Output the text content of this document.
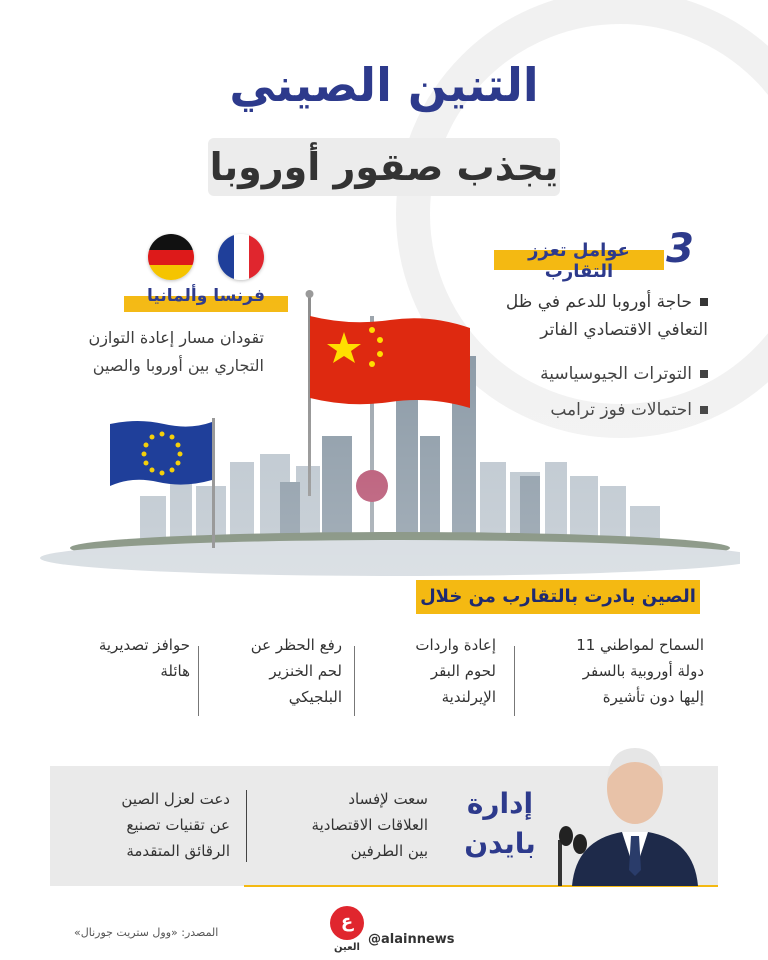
التنين الصيني
يجذب صقور أوروبا
عوامل تعزز التقارب	3
حاجة أوروبا للدعم في ظل
التعافي الاقتصادي الفاتر
التوترات الجيوسياسية
احتمالات فوز ترامب
فرنسا وألمانيا
تقودان مسار إعادة التوازن
التجاري بين أوروبا والصين
الصين بادرت بالتقارب من خلال
السماح لمواطني 11
دولة أوروبية بالسفر
إليها دون تأشيرة
إعادة واردات
لحوم البقر
الإيرلندية
رفع الحظر عن
لحم الخنزير
البلجيكي
حوافز تصديرية
هائلة
إدارة
بايدن
سعت لإفساد
العلاقات الاقتصادية
بين الطرفين
دعت لعزل الصين
عن تقنيات تصنيع
الرقائق المتقدمة
المصدر: «وول ستريت جورنال»
ع
العين
@alainnews
